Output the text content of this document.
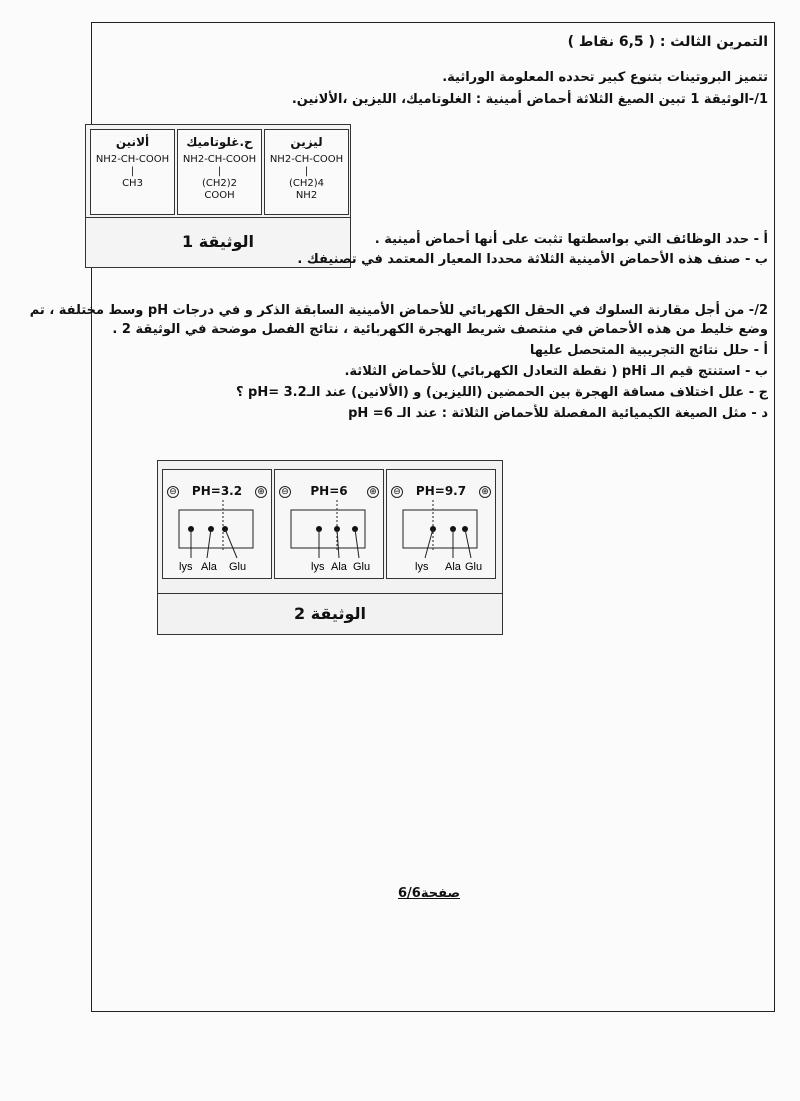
التمرين الثالث : ( 6,5 نقاط )
تتميز البروتينات بتنوع كبير تحدده المعلومة الوراثية.
1/-الوثيقة 1 تبين الصيغ الثلاثة أحماض أمينية : الغلوتاميك، الليزين ،الألانين.
ليزين
NH2-CH-COOH
|
(CH2)4
NH2
ح.غلوتاميك
NH2-CH-COOH
|
(CH2)2
COOH
ألانين
NH2-CH-COOH
|
CH3
الوثيقة 1	أ - حدد الوظائف التي بواسطتها تثبت على أنها أحماض أمينية .
ب - صنف هذه الأحماض الأمينية الثلاثة محددا المعيار المعتمد في تصنيفك .
2/- من أجل مقارنة السلوك في الحقل الكهربائي للأحماض الأمينية السابقة الذكر و في درجات pH وسط مختلفة ، تم
وضع خليط من هذه الأحماض في منتصف شريط الهجرة الكهربائية ، نتائج الفصل موضحة في الوثيقة 2 .
أ - حلل نتائج التجريبية المتحصل عليها
ب - استنتج قيم الـ pHi ( نقطة التعادل الكهربائي) للأحماض الثلاثة.
ج - علل اختلاف مسافة الهجرة بين الحمضين (الليزين) و (الألانين) عند الـpH= 3.2 ؟
د - مثل الصيغة الكيميائية المفصلة للأحماض الثلاثة : عند الـ pH =6
⊖	PH=3.2	⊕
lys Ala Glu
⊖	PH=6	⊕
lys Ala Glu
⊖	PH=9.7	⊕
lys Ala Glu
الوثيقة 2
صفحة6/6
